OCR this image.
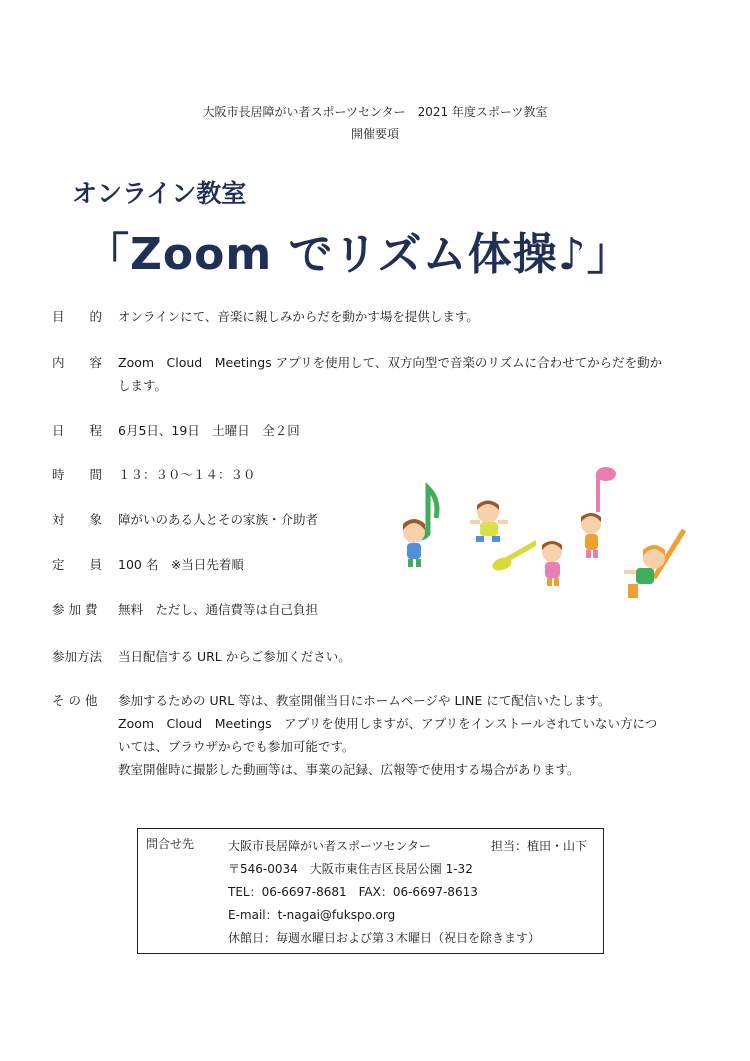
大阪市長居障がい者スポーツセンター　2021 年度スポーツ教室
開催要項
オンライン教室
「Zoom でリズム体操♪」
目　　的	オンラインにて、音楽に親しみからだを動かす場を提供します。
内　　容	Zoom　Cloud　Meetings アプリを使用して、双方向型で音楽のリズムに合わせてからだを動か
します。
日　　程	6月5日、19日　土曜日　全２回
時　　間	１３：３０〜１４：３０
対　　象	障がいのある人とその家族・介助者
定　　員	100 名　※当日先着順
参 加 費	無料　ただし、通信費等は自己負担
参加方法	当日配信する URL からご参加ください。
そ の 他	参加するための URL 等は、教室開催当日にホームページや LINE にて配信いたします。
Zoom　Cloud　Meetings　アプリを使用しますが、アプリをインストールされていない方につ
いては、ブラウザからでも参加可能です。
教室開催時に撮影した動画等は、事業の記録、広報等で使用する場合があります。
問合せ先	大阪市長居障がい者スポーツセンター	担当：植田・山下
〒546-0034　大阪市東住吉区長居公園 1-32
TEL：06-6697-8681　FAX：06-6697-8613
E-mail：t-nagai@fukspo.org
休館日：毎週水曜日および第３木曜日（祝日を除きます）
